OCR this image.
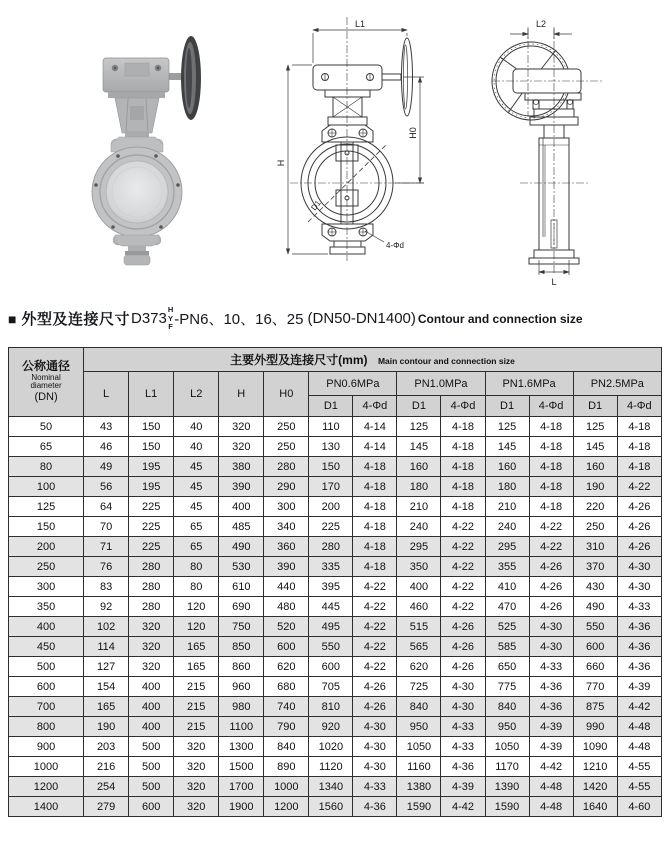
L1
H
H0
D1
4-Φd
L2
L
■ 外型及连接尺寸 D373
H
Y
F -PN6、10、16、25 (DN50-DN1400) Contour and connection size
公称通径
Nominal
diameter
(DN)	主要外型及连接尺寸(mm) Main contour and connection size												
	L	L1	L2	H	H0	PN0.6MPa		PN1.0MPa		PN1.6MPa		PN2.5MPa	
						D1	4-Φd	D1	4-Φd	D1	4-Φd	D1	4-Φd
50	43	150	40	320	250	110	4-14	125	4-18	125	4-18	125	4-18
65	46	150	40	320	250	130	4-14	145	4-18	145	4-18	145	4-18
80	49	195	45	380	280	150	4-18	160	4-18	160	4-18	160	4-18
100	56	195	45	390	290	170	4-18	180	4-18	180	4-18	190	4-22
125	64	225	45	400	300	200	4-18	210	4-18	210	4-18	220	4-26
150	70	225	65	485	340	225	4-18	240	4-22	240	4-22	250	4-26
200	71	225	65	490	360	280	4-18	295	4-22	295	4-22	310	4-26
250	76	280	80	530	390	335	4-18	350	4-22	355	4-26	370	4-30
300	83	280	80	610	440	395	4-22	400	4-22	410	4-26	430	4-30
350	92	280	120	690	480	445	4-22	460	4-22	470	4-26	490	4-33
400	102	320	120	750	520	495	4-22	515	4-26	525	4-30	550	4-36
450	114	320	165	850	600	550	4-22	565	4-26	585	4-30	600	4-36
500	127	320	165	860	620	600	4-22	620	4-26	650	4-33	660	4-36
600	154	400	215	960	680	705	4-26	725	4-30	775	4-36	770	4-39
700	165	400	215	980	740	810	4-26	840	4-30	840	4-36	875	4-42
800	190	400	215	1100	790	920	4-30	950	4-33	950	4-39	990	4-48
900	203	500	320	1300	840	1020	4-30	1050	4-33	1050	4-39	1090	4-48
1000	216	500	320	1500	890	1120	4-30	1160	4-36	1170	4-42	1210	4-55
1200	254	500	320	1700	1000	1340	4-33	1380	4-39	1390	4-48	1420	4-55
1400	279	600	320	1900	1200	1560	4-36	1590	4-42	1590	4-48	1640	4-60
